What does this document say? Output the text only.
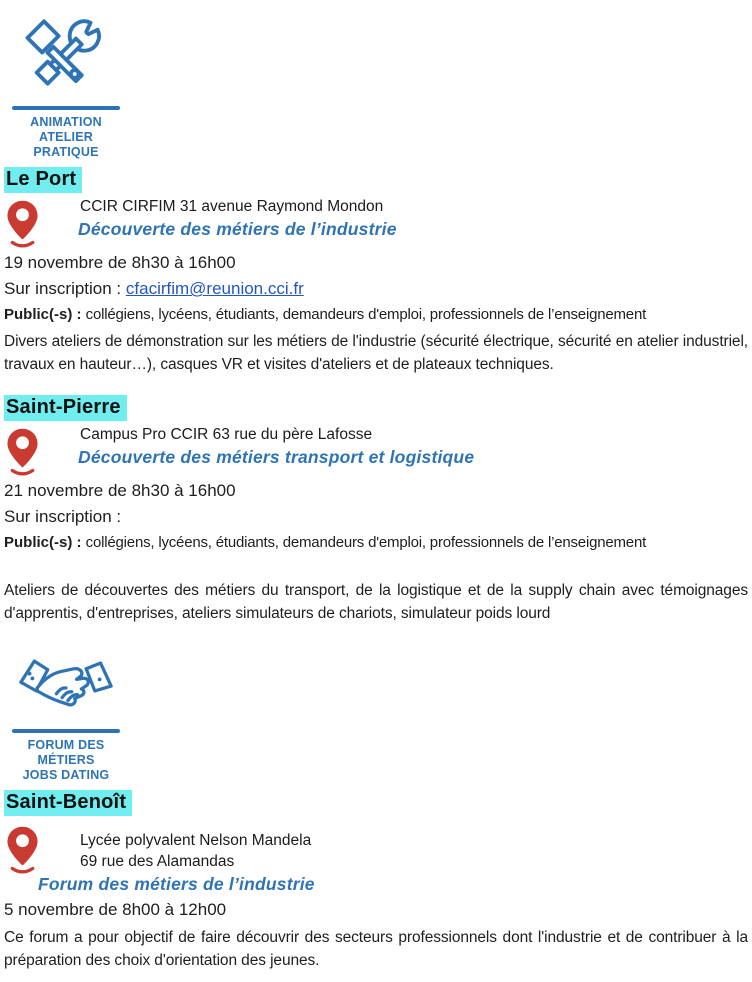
ANIMATION
ATELIER
PRATIQUE
Le Port
CCIR CIRFIM 31 avenue Raymond Mondon
Découverte des métiers de l’industrie
19 novembre de 8h30 à 16h00
Sur inscription : cfacirfim@reunion.cci.fr
Public(-s) : collégiens, lycéens, étudiants, demandeurs d'emploi, professionnels de l’enseignement

Divers ateliers de démonstration sur les métiers de l'industrie (sécurité électrique, sécurité en atelier industriel, travaux en hauteur…), casques VR et visites d'ateliers et de plateaux techniques.

Saint-Pierre
Campus Pro CCIR 63 rue du père Lafosse
Découverte des métiers transport et logistique
21 novembre de 8h30 à 16h00
Sur inscription :
Public(-s) : collégiens, lycéens, étudiants, demandeurs d'emploi, professionnels de l’enseignement

Ateliers de découvertes des métiers du transport, de la logistique et de la supply chain avec témoignages d'apprentis, d'entreprises, ateliers simulateurs de chariots, simulateur poids lourd

FORUM DES
MÉTIERS
JOBS DATING
Saint-Benoît
Lycée polyvalent Nelson Mandela
69 rue des Alamandas
Forum des métiers de l’industrie
5 novembre de 8h00 à 12h00

Ce forum a pour objectif de faire découvrir des secteurs professionnels dont l'industrie et de contribuer à la préparation des choix d'orientation des jeunes.
